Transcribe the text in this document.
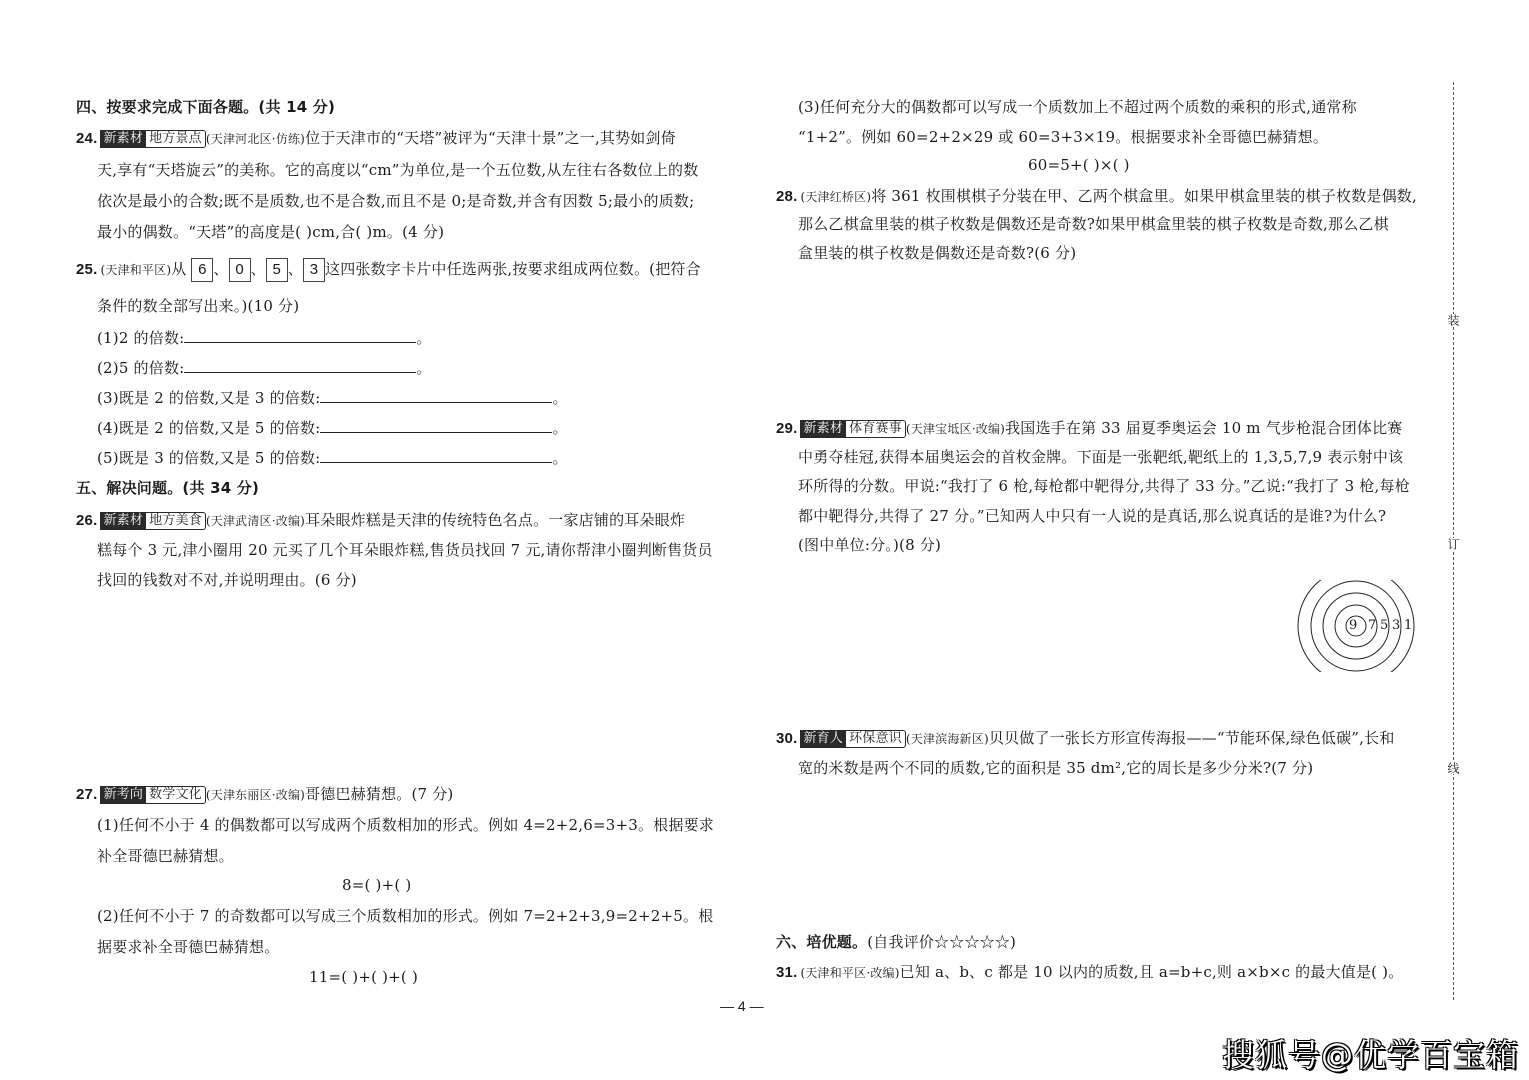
四、按要求完成下面各题。(共 14 分)
24. 新素材 地方景点 (天津河北区·仿练)位于天津市的“天塔”被评为“天津十景”之一,其势如剑倚
天,享有“天塔旋云”的美称。它的高度以“cm”为单位,是一个五位数,从左往右各数位上的数
依次是最小的合数;既不是质数,也不是合数,而且不是 0;是奇数,并含有因数 5;最小的质数;
最小的偶数。“天塔”的高度是( )cm,合( )m。(4 分)
25. (天津和平区)从 6 、 0 、 5 、 3 这四张数字卡片中任选两张,按要求组成两位数。(把符合
条件的数全部写出来。)(10 分)
(1)2 的倍数:	。
(2)5 的倍数:	。
(3)既是 2 的倍数,又是 3 的倍数:	。
(4)既是 2 的倍数,又是 5 的倍数:	。
(5)既是 3 的倍数,又是 5 的倍数:	。
五、解决问题。(共 34 分)
26. 新素材 地方美食 (天津武清区·改编)耳朵眼炸糕是天津的传统特色名点。一家店铺的耳朵眼炸
糕每个 3 元,津小圈用 20 元买了几个耳朵眼炸糕,售货员找回 7 元,请你帮津小圈判断售货员
找回的钱数对不对,并说明理由。(6 分)
27. 新考向 数学文化 (天津东丽区·改编)哥德巴赫猜想。(7 分)
(1)任何不小于 4 的偶数都可以写成两个质数相加的形式。例如 4=2+2,6=3+3。根据要求
补全哥德巴赫猜想。
8=( )+( )
(2)任何不小于 7 的奇数都可以写成三个质数相加的形式。例如 7=2+2+3,9=2+2+5。根
据要求补全哥德巴赫猜想。
11=( )+( )+( )
(3)任何充分大的偶数都可以写成一个质数加上不超过两个质数的乘积的形式,通常称
“1+2”。例如 60=2+2×29 或 60=3+3×19。根据要求补全哥德巴赫猜想。
60=5+( )×( )
28. (天津红桥区)将 361 枚围棋棋子分装在甲、乙两个棋盒里。如果甲棋盒里装的棋子枚数是偶数,
那么乙棋盒里装的棋子枚数是偶数还是奇数?如果甲棋盒里装的棋子枚数是奇数,那么乙棋
盒里装的棋子枚数是偶数还是奇数?(6 分)
29. 新素材 体育赛事 (天津宝坻区·改编)我国选手在第 33 届夏季奥运会 10 m 气步枪混合团体比赛
中勇夺桂冠,获得本届奥运会的首枚金牌。下面是一张靶纸,靶纸上的 1,3,5,7,9 表示射中该
环所得的分数。甲说:“我打了 6 枪,每枪都中靶得分,共得了 33 分。”乙说:“我打了 3 枪,每枪
都中靶得分,共得了 27 分。”已知两人中只有一人说的是真话,那么说真话的是谁?为什么?
(图中单位:分。)(8 分)
9 7 5 3 1
30. 新育人 环保意识 (天津滨海新区)贝贝做了一张长方形宣传海报——“节能环保,绿色低碳”,长和
宽的米数是两个不同的质数,它的面积是 35 dm²,它的周长是多少分米?(7 分)
六、培优题。(自我评价☆☆☆☆☆)
31. (天津和平区·改编)已知 a、b、c 都是 10 以内的质数,且 a=b+c,则 a×b×c 的最大值是( )。
装
订
线
— 4 —
搜狐号@优学百宝箱
